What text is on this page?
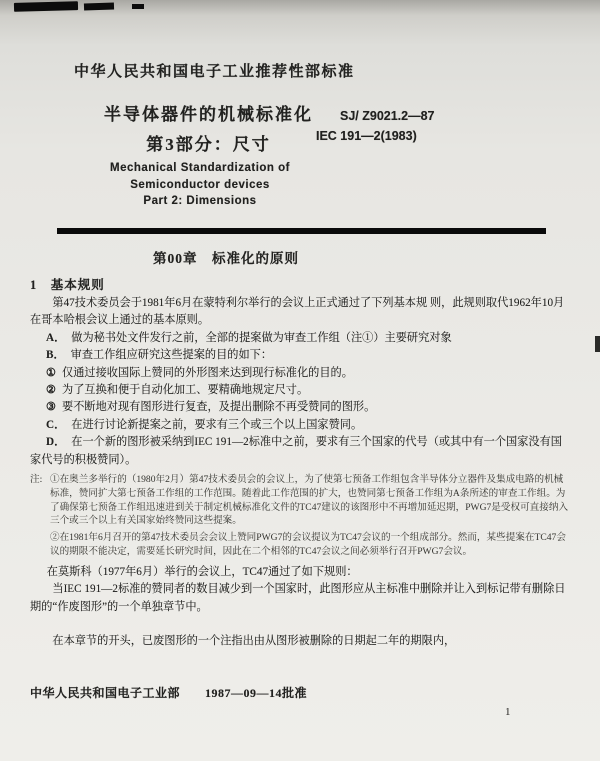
中华人民共和国电子工业推荐性部标准
半导体器件的机械标准化
第3部分：尺寸
SJ/ Z9021.2—87
IEC 191—2(1983)
Mechanical Standardization of
Semiconductor devices
Part 2: Dimensions
第00章　标准化的原则
1　基本规则

第47技术委员会于1981年6月在蒙特利尔举行的会议上正式通过了下列基本规 则，此规则取代1962年10月在哥本哈根会议上通过的基本原则。

A． 做为秘书处文件发行之前，全部的提案做为审查工作组（注①）主要研究对象

B． 审查工作组应研究这些提案的目的如下：

① 仅通过接收国际上赞同的外形图来达到现行标准化的目的。

② 为了互换和便于自动化加工、要精确地规定尺寸。

③ 要不断地对现有图形进行复查，及提出删除不再受赞同的图形。

C． 在进行讨论新提案之前，要求有三个或三个以上国家赞同。

D． 在一个新的图形被采纳到IEC 191—2标准中之前，要求有三个国家的代号（或其中有一个国家没有国家代号的积极赞同）。

注: ①在奥兰多举行的（1980年2月）第47技术委员会的会议上，为了使第七预备工作组包含半导体分立器件及集成电路的机械标准，赞同扩大第七预备工作组的工作范围。随着此工作范围的扩大，也赞同第七预备工作组为A条所述的审查工作组。为了确保第七预备工作组迅速进到关于制定机械标准化文件的TC47建议的该图形中不再增加延迟期，PWG7是受权可直接纳入三个或三个以上有关国家始终赞同这些提案。

②在1981年6月召开的第47技术委员会会议上赞同PWG7的会议提议为TC47会议的一个组成部分。然而，某些提案在TC47会议的期限不能决定，需要延长研究时间，因此在二个相邻的TC47会议之间必须举行召开PWG7会议。

在莫斯科（1977年6月）举行的会议上，TC47通过了如下规则：

当IEC 191—2标准的赞同者的数目减少到一个国家时，此图形应从主标准中删除并让入到标记带有删除日期的“作废图形”的一个单独章节中。

在本章节的开头，已废图形的一个注指出由从图形被删除的日期起二年的期限内，

中华人民共和国电子工业部　　1987—09—14批准
1
